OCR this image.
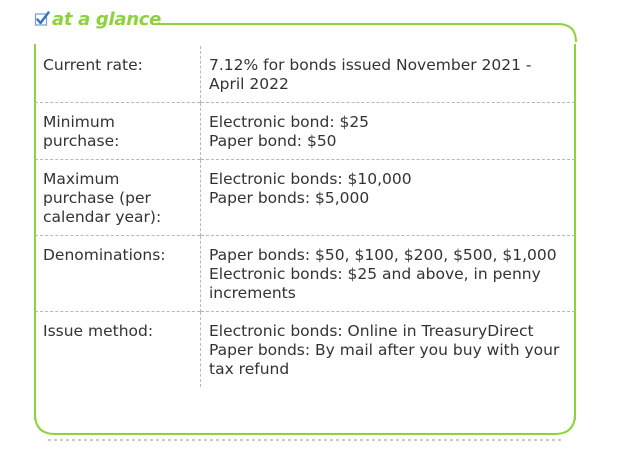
at a glance
Current rate:	7.12% for bonds issued November 2021 - April 2022

Minimum purchase:	Electronic bond: $25
Paper bond: $50

Maximum purchase (per calendar year):	Electronic bonds: $10,000
Paper bonds: $5,000

Denominations:	Paper bonds: $50, $100, $200, $500, $1,000
Electronic bonds: $25 and above, in penny increments

Issue method:	Electronic bonds: Online in TreasuryDirect
Paper bonds: By mail after you buy with your tax refund
